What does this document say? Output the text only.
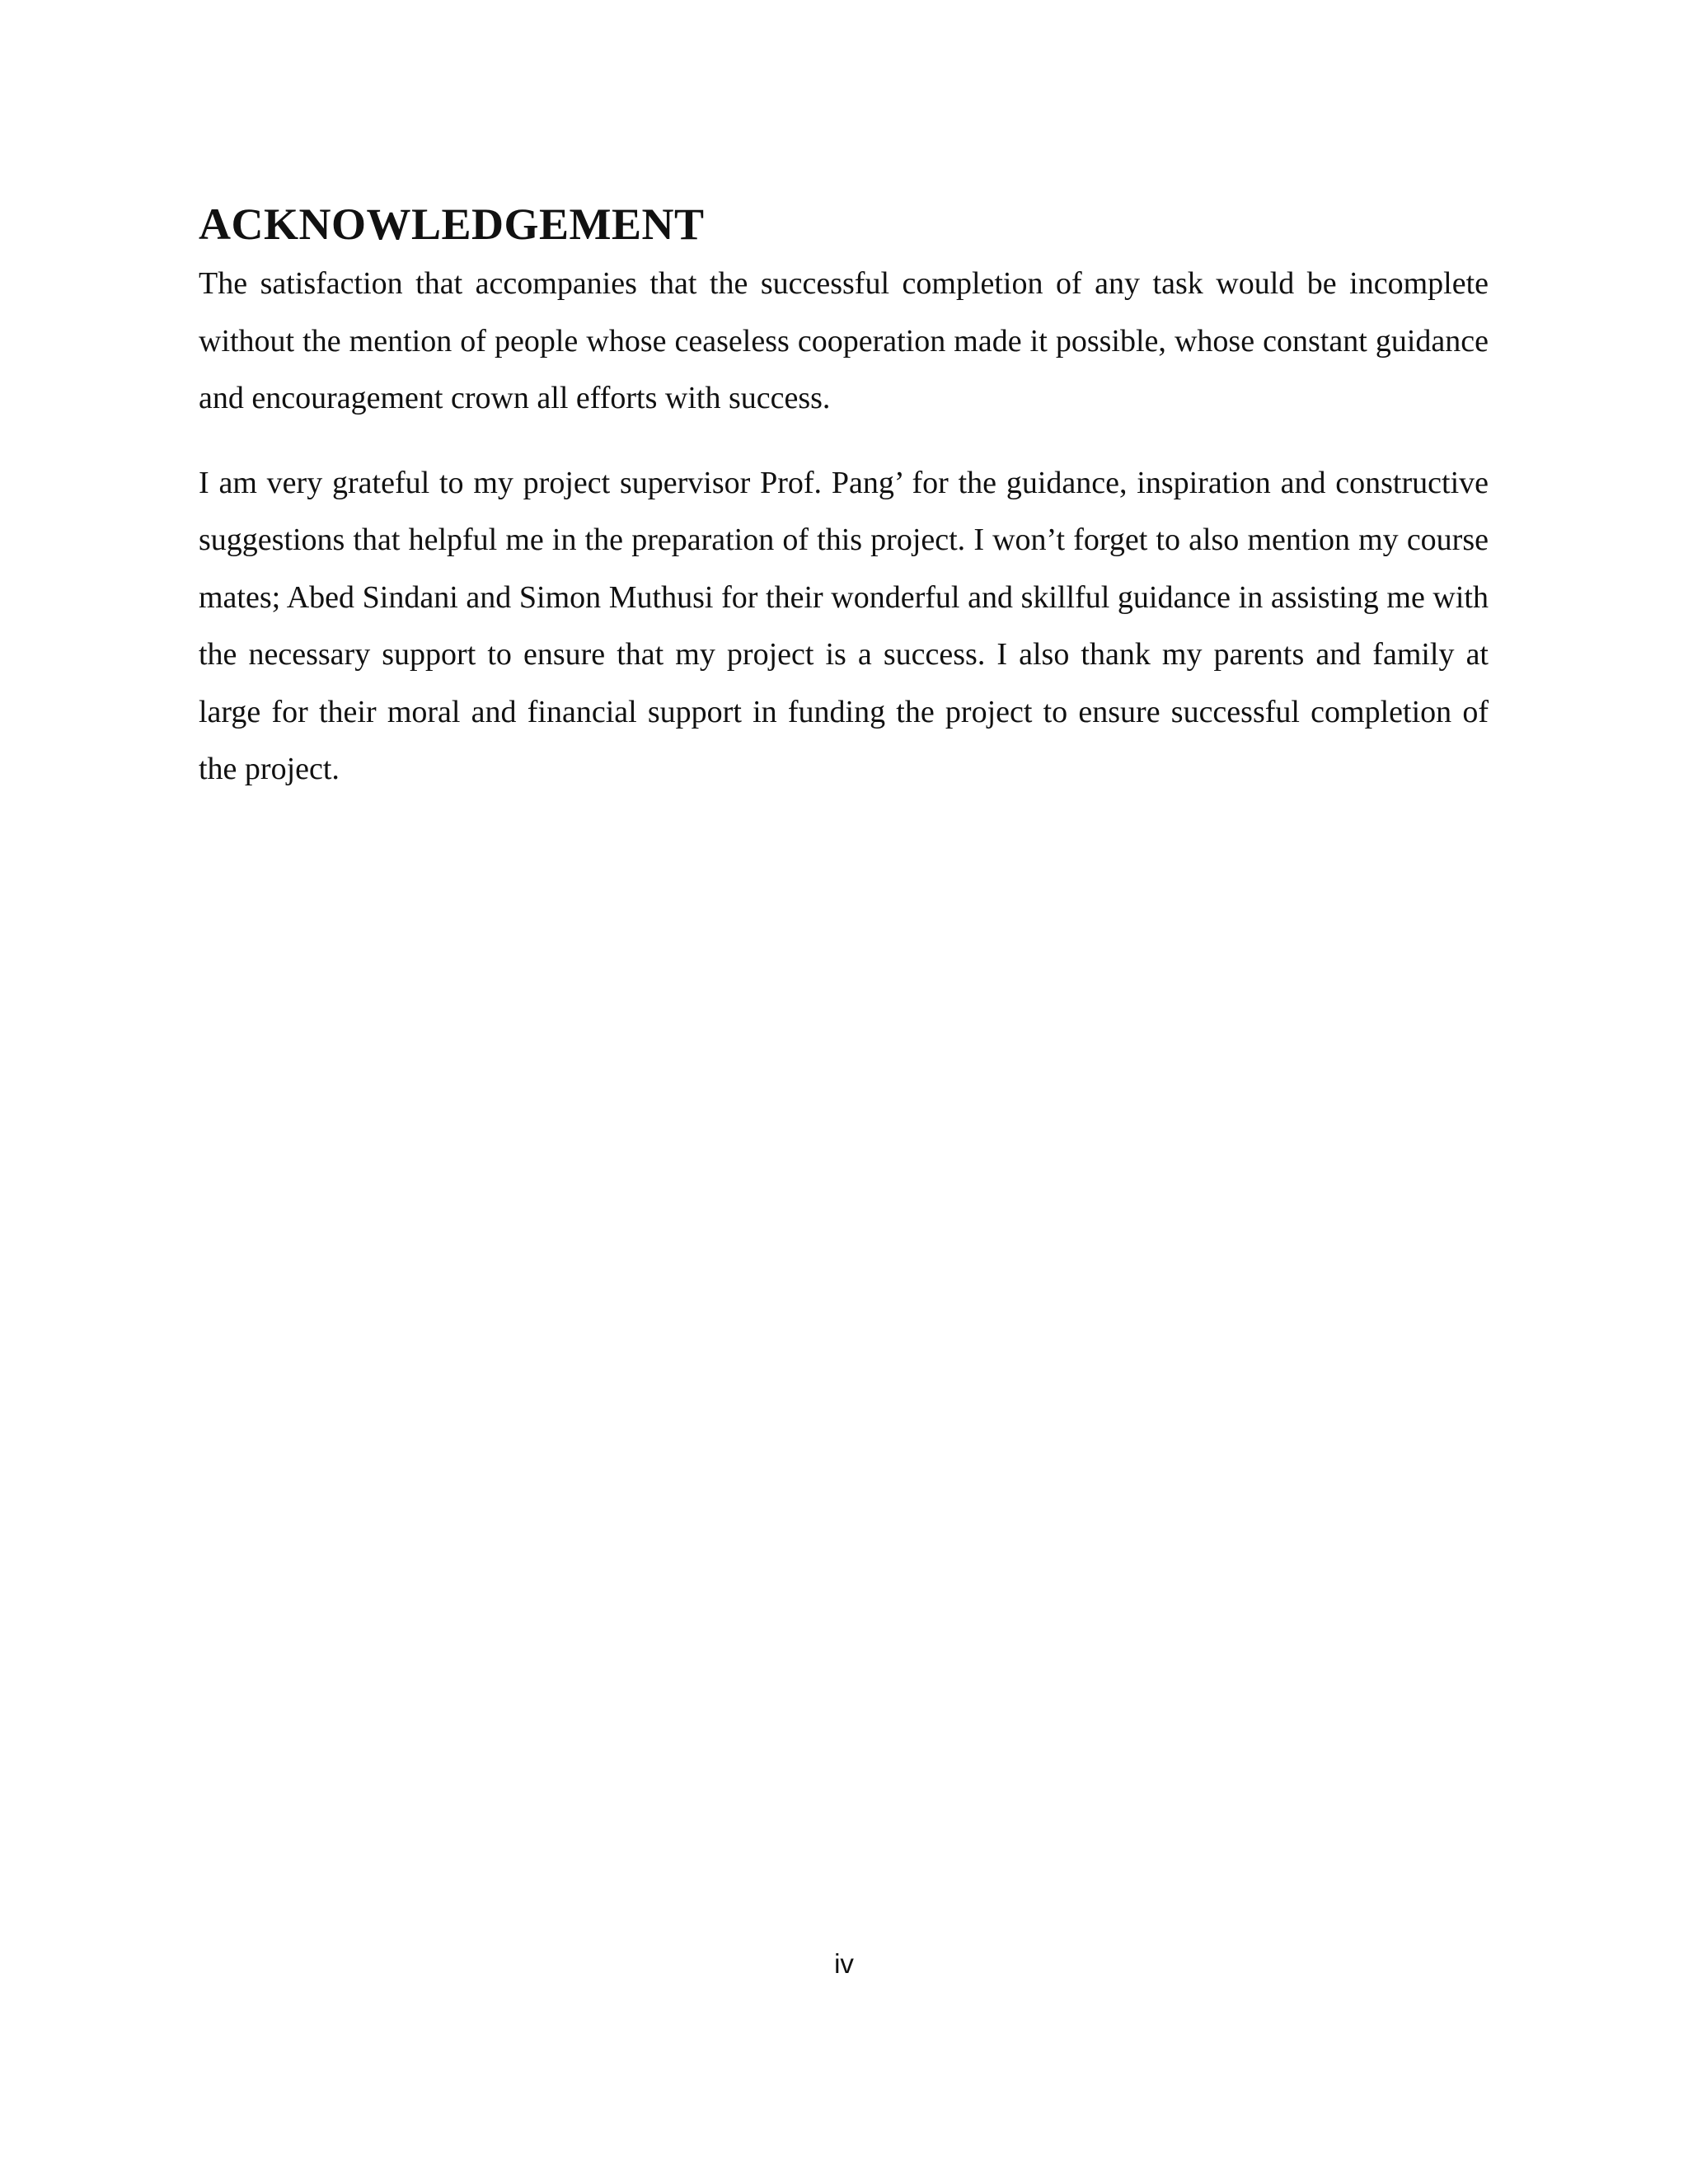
ACKNOWLEDGEMENT

The satisfaction that accompanies that the successful completion of any task would be incomplete without the mention of people whose ceaseless cooperation made it possible, whose constant guidance and encouragement crown all efforts with success.

I am very grateful to my project supervisor Prof. Pang’ for the guidance, inspiration and constructive suggestions that helpful me in the preparation of this project. I won’t forget to also mention my course mates; Abed Sindani and Simon Muthusi for their wonderful and skillful guidance in assisting me with the necessary support to ensure that my project is a success. I also thank my parents and family at large for their moral and financial support in funding the project to ensure successful completion of the project.

iv
